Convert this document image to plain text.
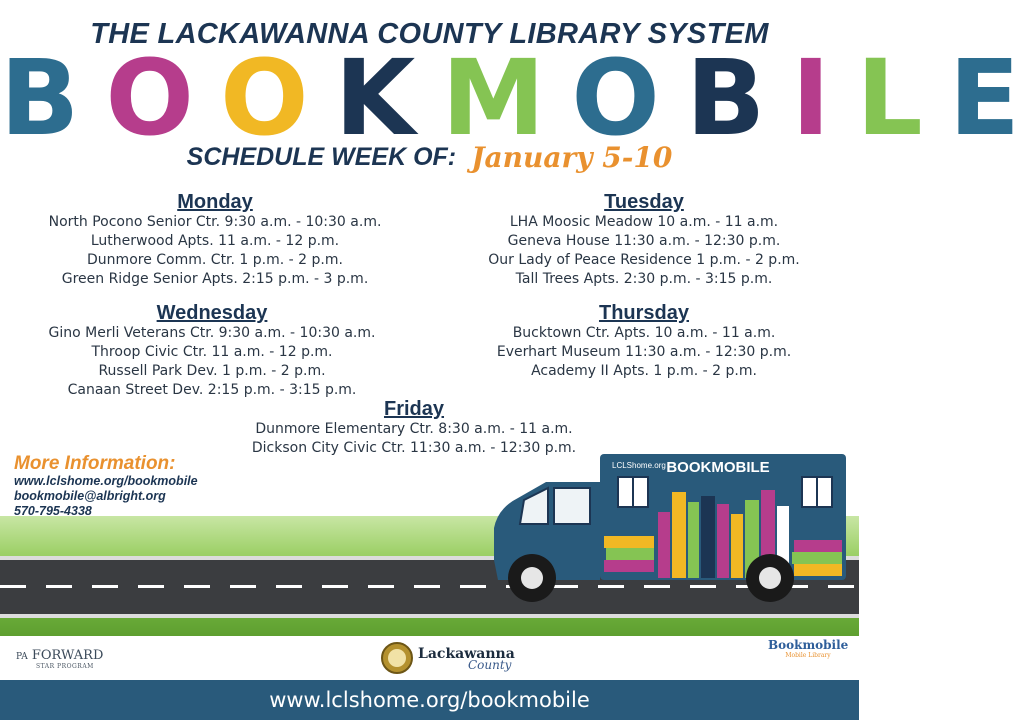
THE LACKAWANNA COUNTY LIBRARY SYSTEM
B O O K M O B I L E
SCHEDULE WEEK OF: January 5-10
Monday
North Pocono Senior Ctr. 9:30 a.m. - 10:30 a.m.
Lutherwood Apts. 11 a.m. - 12 p.m.
Dunmore Comm. Ctr. 1 p.m. - 2 p.m.
Green Ridge Senior Apts. 2:15 p.m. - 3 p.m.
Tuesday
LHA Moosic Meadow 10 a.m. - 11 a.m.
Geneva House 11:30 a.m. - 12:30 p.m.
Our Lady of Peace Residence 1 p.m. - 2 p.m.
Tall Trees Apts. 2:30 p.m. - 3:15 p.m.
Wednesday
Gino Merli Veterans Ctr. 9:30 a.m. - 10:30 a.m.
Throop Civic Ctr. 11 a.m. - 12 p.m.
Russell Park Dev. 1 p.m. - 2 p.m.
Canaan Street Dev. 2:15 p.m. - 3:15 p.m.
Thursday
Bucktown Ctr. Apts. 10 a.m. - 11 a.m.
Everhart Museum 11:30 a.m. - 12:30 p.m.
Academy II Apts. 1 p.m. - 2 p.m.
Friday
Dunmore Elementary Ctr. 8:30 a.m. - 11 a.m.
Dickson City Civic Ctr. 11:30 a.m. - 12:30 p.m.
More Information:
www.lclshome.org/bookmobile
bookmobile@albright.org
570-795-4338
LCLShome.org BOOKMOBILE
PA FORWARD
STAR PROGRAM
Lackawanna
County
Bookmobile
Mobile Library
www.lclshome.org/bookmobile
